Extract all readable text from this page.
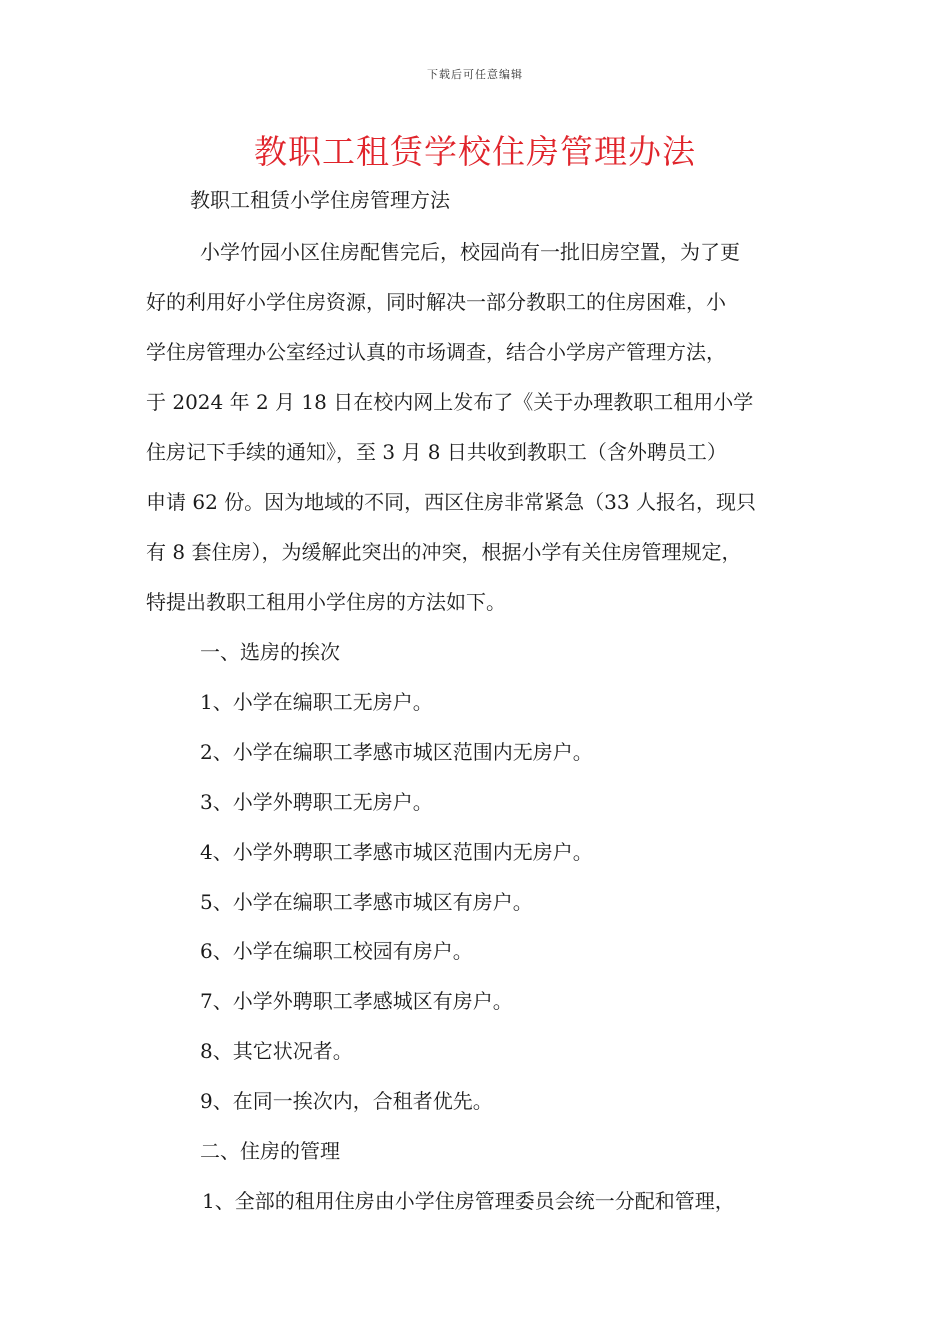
下载后可任意编辑
教职工租赁学校住房管理办法
教职工租赁小学住房管理方法
小学竹园小区住房配售完后，校园尚有一批旧房空置，为了更
好的利用好小学住房资源，同时解决一部分教职工的住房困难，小
学住房管理办公室经过认真的市场调查，结合小学房产管理方法，
于 2024 年 2 月 18 日在校内网上发布了《关于办理教职工租用小学
住房记下手续的通知》，至 3 月 8 日共收到教职工（含外聘员工）
申请 62 份。因为地域的不同，西区住房非常紧急（33 人报名，现只
有 8 套住房），为缓解此突出的冲突，根据小学有关住房管理规定，
特提出教职工租用小学住房的方法如下。
一、选房的挨次
1、小学在编职工无房户。
2、小学在编职工孝感市城区范围内无房户。
3、小学外聘职工无房户。
4、小学外聘职工孝感市城区范围内无房户。
5、小学在编职工孝感市城区有房户。
6、小学在编职工校园有房户。
7、小学外聘职工孝感城区有房户。
8、其它状况者。
9、在同一挨次内，合租者优先。
二、住房的管理
1、全部的租用住房由小学住房管理委员会统一分配和管理，
